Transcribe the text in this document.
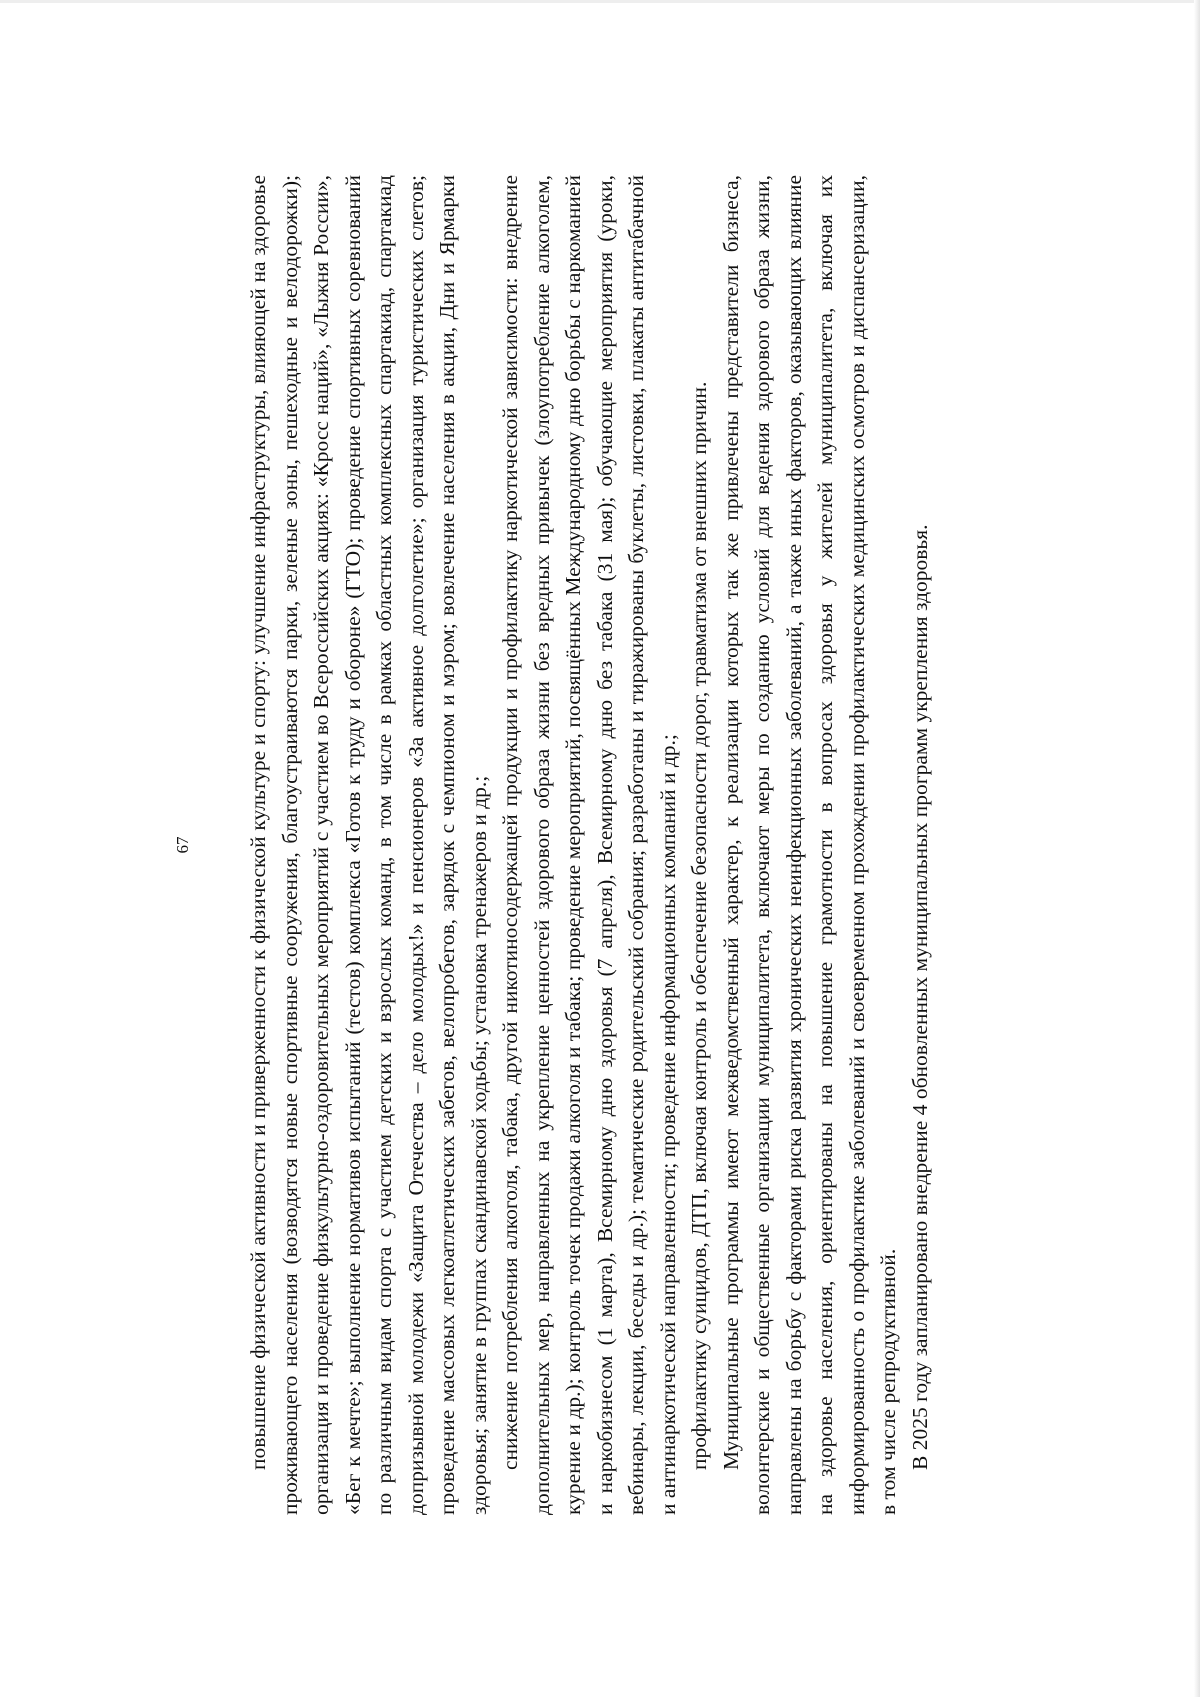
67	повышение физической активности и приверженности к физической культуре и спорту: улучшение инфраструктуры, влияющей на здоровье проживающего населения (возводятся новые спортивные сооружения, благоустраиваются парки, зеленые зоны, пешеходные и велодорожки); организация и проведение физкультурно-оздоровительных мероприятий с участием во Всероссийских акциях: «Кросс наций», «Лыжня России», «Бег к мечте»; выполнение нормативов испытаний (тестов) комплекса «Готов к труду и обороне» (ГТО); проведение спортивных соревнований по различным видам спорта с участием детских и взрослых команд, в том числе в рамках областных комплексных спартакиад, спартакиад допризывной молодежи «Защита Отечества – дело молодых!» и пенсионеров «За активное долголетие»; организация туристических слетов; проведение массовых легкоатлетических забегов, велопробегов, зарядок с чемпионом и мэром; вовлечение населения в акции, Дни и Ярмарки здоровья; занятие в группах скандинавской ходьбы; установка тренажеров и др.; снижение потребления алкоголя, табака, другой никотиносодержащей продукции и профилактику наркотической зависимости: внедрение дополнительных мер, направленных на укрепление ценностей здорового образа жизни без вредных привычек (злоупотребление алкоголем, курение и др.); контроль точек продажи алкоголя и табака; проведение мероприятий, посвящённых Международному дню борьбы с наркоманией и наркобизнесом (1 марта), Всемирному дню здоровья (7 апреля), Всемирному дню без табака (31 мая); обучающие мероприятия (уроки, вебинары, лекции, беседы и др.); тематические родительский собрания; разработаны и тиражированы буклеты, листовки, плакаты антитабачной и антинаркотической направленности; проведение информационных компаний и др.; профилактику суицидов, ДТП, включая контроль и обеспечение безопасности дорог, травматизма от внешних причин. Муниципальные программы имеют межведомственный характер, к реализации которых так же привлечены представители бизнеса, волонтерские и общественные организации муниципалитета, включают меры по созданию условий для ведения здорового образа жизни, направлены на борьбу с факторами риска развития хронических неинфекционных заболеваний, а также иных факторов, оказывающих влияние на здоровье населения, ориентированы на повышение грамотности в вопросах здоровья у жителей муниципалитета, включая их информированность о профилактике заболеваний и своевременном прохождении профилактических медицинских осмотров и диспансеризации, в том числе репродуктивной. В 2025 году запланировано внедрение 4 обновленных муниципальных программ укрепления здоровья.
